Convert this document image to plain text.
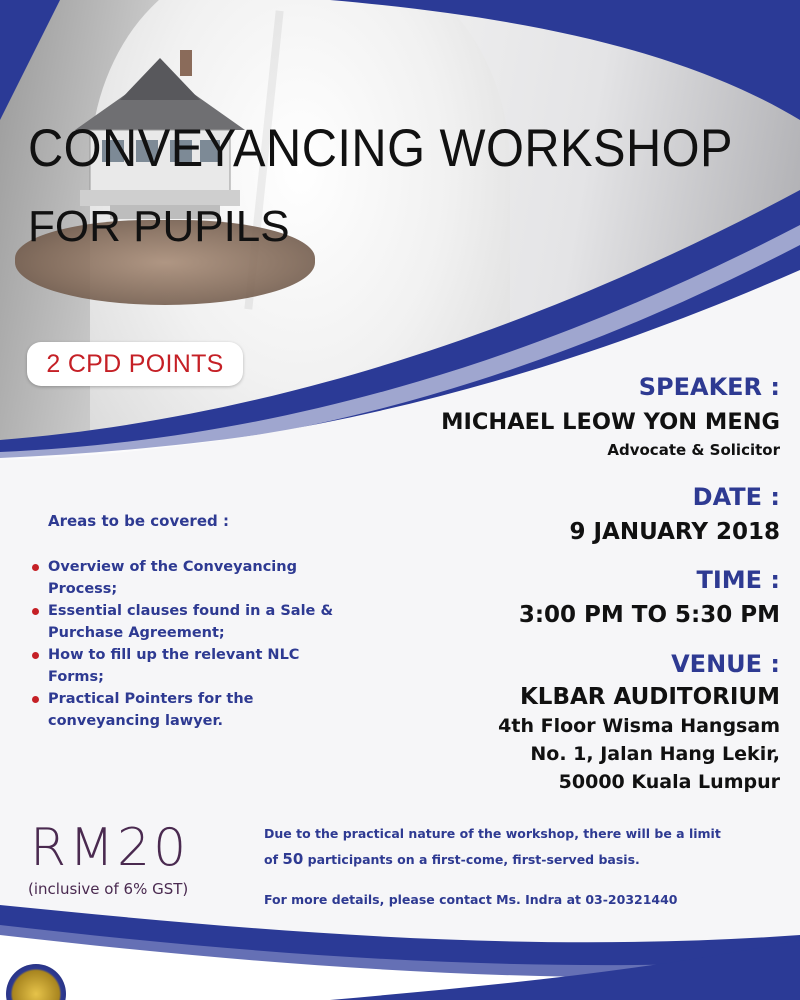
CONVEYANCING WORKSHOP
FOR PUPILS
2 CPD POINTS
SPEAKER :
MICHAEL LEOW YON MENG
Advocate & Solicitor
DATE :
9 JANUARY 2018
TIME :
3:00 PM TO 5:30 PM
VENUE :
KLBAR AUDITORIUM
4th Floor Wisma Hangsam
No. 1, Jalan Hang Lekir,
50000 Kuala Lumpur
Areas to be covered :
Overview of the Conveyancing
Process;
Essential clauses found in a Sale &
Purchase Agreement;
How to fill up the relevant NLC
Forms;
Practical Pointers for the
conveyancing lawyer.
RM20
(inclusive of 6% GST)
Due to the practical nature of the workshop, there will be a limit
of 50 participants on a first-come, first-served basis.
For more details, please contact Ms. Indra at 03-20321440
